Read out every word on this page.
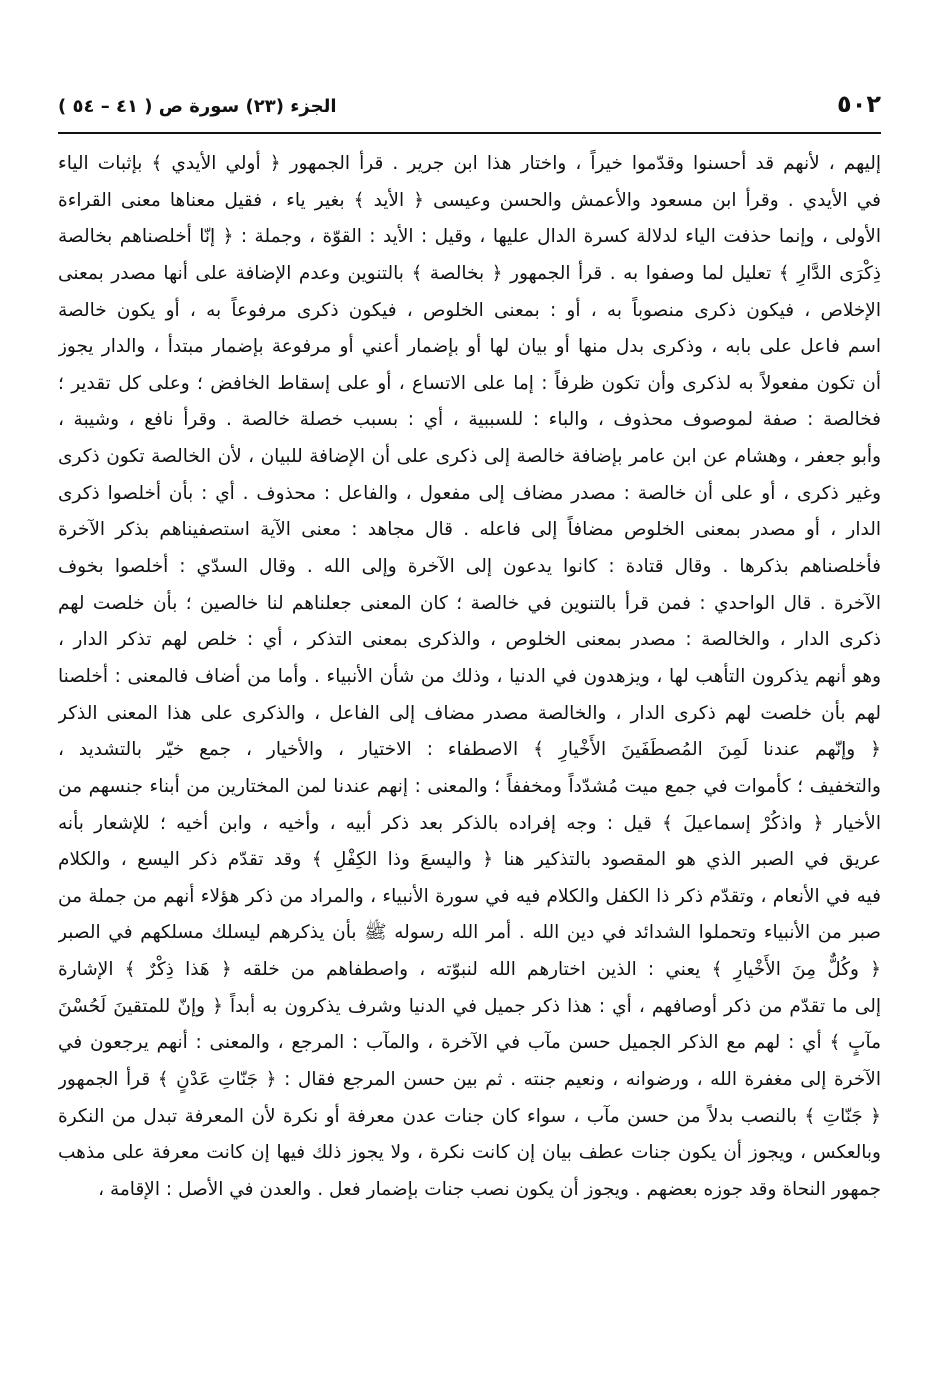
٥٠٢
الجزء (٢٣) سورة ص ( ٤١ – ٥٤ )
إليهم ، لأنهم قد أحسنوا وقدّموا خيراً ، واختار هذا ابن جرير . قرأ الجمهور ﴿ أولي الأيدي ﴾ بإثبات الياء
في الأيدي . وقرأ ابن مسعود والأعمش والحسن وعيسى ﴿ الأيد ﴾ بغير ياء ، فقيل معناها معنى القراءة
الأولى ، وإنما حذفت الياء لدلالة كسرة الدال عليها ، وقيل : الأيد : القوّة ، وجملة : ﴿ إنّا أخلصناهم بخالصة
ذِكْرَى الدَّارِ ﴾ تعليل لما وصفوا به . قرأ الجمهور ﴿ بخالصة ﴾ بالتنوين وعدم الإضافة على أنها مصدر بمعنى
الإخلاص ، فيكون ذكرى منصوباً به ، أو : بمعنى الخلوص ، فيكون ذكرى مرفوعاً به ، أو يكون خالصة
اسم فاعل على بابه ، وذكرى بدل منها أو بيان لها أو بإضمار أعني أو مرفوعة بإضمار مبتدأ ، والدار يجوز
أن تكون مفعولاً به لذكرى وأن تكون ظرفاً : إما على الاتساع ، أو على إسقاط الخافض ؛ وعلى كل تقدير ؛
فخالصة : صفة لموصوف محذوف ، والباء : للسببية ، أي : بسبب خصلة خالصة . وقرأ نافع ، وشيبة ،
وأبو جعفر ، وهشام عن ابن عامر بإضافة خالصة إلى ذكرى على أن الإضافة للبيان ، لأن الخالصة تكون ذكرى
وغير ذكرى ، أو على أن خالصة : مصدر مضاف إلى مفعول ، والفاعل : محذوف . أي : بأن أخلصوا ذكرى
الدار ، أو مصدر بمعنى الخلوص مضافاً إلى فاعله . قال مجاهد : معنى الآية استصفيناهم بذكر الآخرة
فأخلصناهم بذكرها . وقال قتادة : كانوا يدعون إلى الآخرة وإلى الله . وقال السدّي : أخلصوا بخوف
الآخرة . قال الواحدي : فمن قرأ بالتنوين في خالصة ؛ كان المعنى جعلناهم لنا خالصين ؛ بأن خلصت لهم
ذكرى الدار ، والخالصة : مصدر بمعنى الخلوص ، والذكرى بمعنى التذكر ، أي : خلص لهم تذكر الدار ،
وهو أنهم يذكرون التأهب لها ، ويزهدون في الدنيا ، وذلك من شأن الأنبياء . وأما من أضاف فالمعنى : أخلصنا
لهم بأن خلصت لهم ذكرى الدار ، والخالصة مصدر مضاف إلى الفاعل ، والذكرى على هذا المعنى الذكر
﴿ وإنّهم عندنا لَمِنَ المُصطَفَينَ الأَخْيارِ ﴾ الاصطفاء : الاختيار ، والأخيار ، جمع خيّر بالتشديد ،
والتخفيف ؛ كأموات في جمع ميت مُشدّداً ومخففاً ؛ والمعنى : إنهم عندنا لمن المختارين من أبناء جنسهم من
الأخيار ﴿ واذكُرْ إسماعيلَ ﴾ قيل : وجه إفراده بالذكر بعد ذكر أبيه ، وأخيه ، وابن أخيه ؛ للإشعار بأنه
عريق في الصبر الذي هو المقصود بالتذكير هنا ﴿ واليسعَ وذا الكِفْلِ ﴾ وقد تقدّم ذكر اليسع ، والكلام
فيه في الأنعام ، وتقدّم ذكر ذا الكفل والكلام فيه في سورة الأنبياء ، والمراد من ذكر هؤلاء أنهم من جملة من
صبر من الأنبياء وتحملوا الشدائد في دين الله . أمر الله رسوله ﷺ بأن يذكرهم ليسلك مسلكهم في الصبر
﴿ وكُلٌّ مِنَ الأَخْيارِ ﴾ يعني : الذين اختارهم الله لنبوّته ، واصطفاهم من خلقه ﴿ هَذا ذِكْرٌ ﴾ الإشارة
إلى ما تقدّم من ذكر أوصافهم ، أي : هذا ذكر جميل في الدنيا وشرف يذكرون به أبداً ﴿ وإنّ للمتقينَ لَحُسْنَ
مآبٍ ﴾ أي : لهم مع الذكر الجميل حسن مآب في الآخرة ، والمآب : المرجع ، والمعنى : أنهم يرجعون في
الآخرة إلى مغفرة الله ، ورضوانه ، ونعيم جنته . ثم بين حسن المرجع فقال : ﴿ جَنّاتِ عَدْنٍ ﴾ قرأ الجمهور
﴿ جَنّاتِ ﴾ بالنصب بدلاً من حسن مآب ، سواء كان جنات عدن معرفة أو نكرة لأن المعرفة تبدل من النكرة
وبالعكس ، ويجوز أن يكون جنات عطف بيان إن كانت نكرة ، ولا يجوز ذلك فيها إن كانت معرفة على مذهب
جمهور النحاة وقد جوزه بعضهم . ويجوز أن يكون نصب جنات بإضمار فعل . والعدن في الأصل : الإقامة ،
